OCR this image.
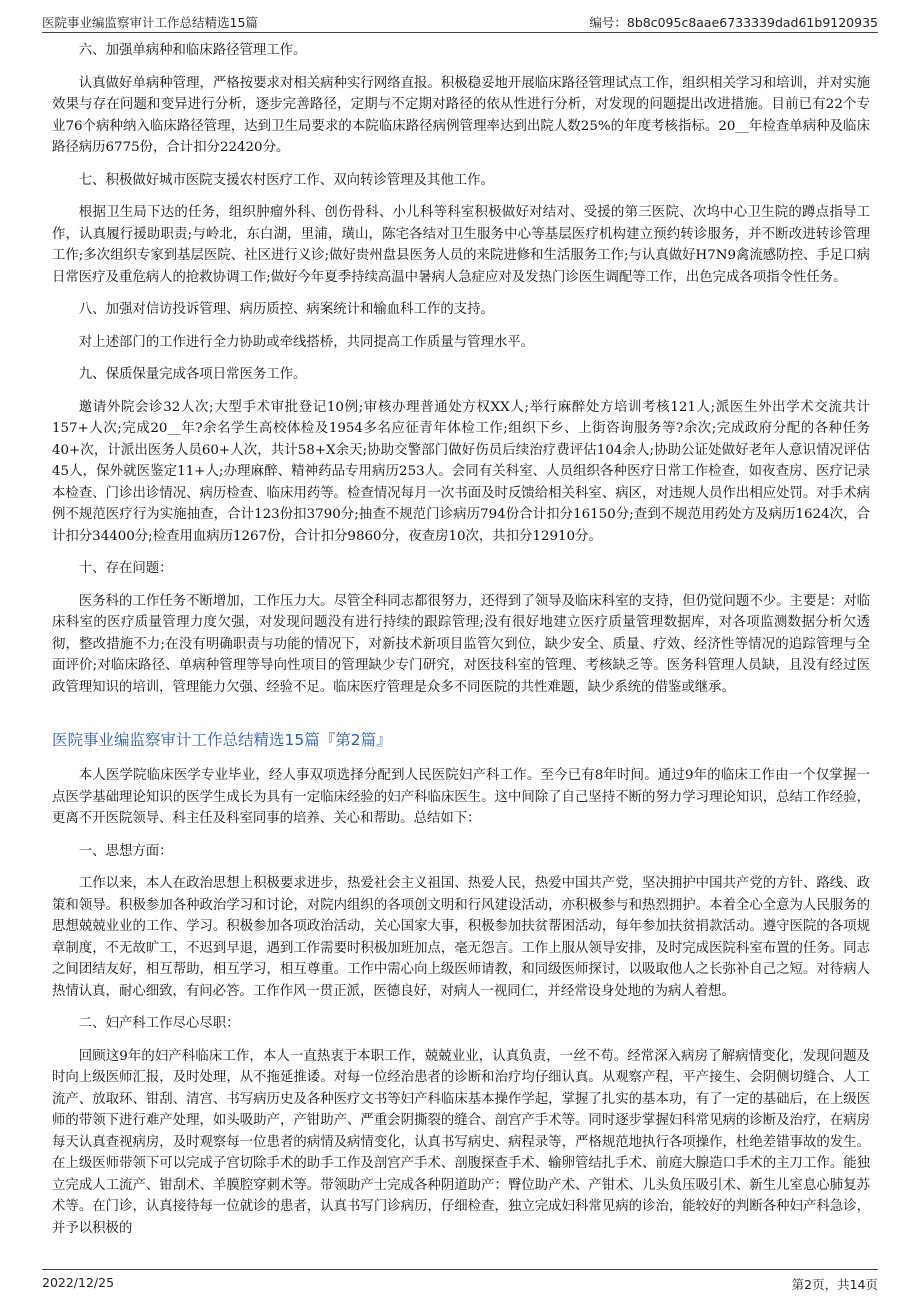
医院事业编监察审计工作总结精选15篇	编号：8b8c095c8aae6733339dad61b9120935

六、加强单病种和临床路径管理工作。

认真做好单病种管理，严格按要求对相关病种实行网络直报。积极稳妥地开展临床路径管理试点工作，组织相关学习和培训，并对实施效果与存在问题和变异进行分析，逐步完善路径，定期与不定期对路径的依从性进行分析，对发现的问题提出改进措施。目前已有22个专业76个病种纳入临床路径管理，达到卫生局要求的本院临床路径病例管理率达到出院人数25%的年度考核指标。20__年检查单病种及临床路径病历6775份，合计扣分22420分。

七、积极做好城市医院支援农村医疗工作、双向转诊管理及其他工作。

根据卫生局下达的任务，组织肿瘤外科、创伤骨科、小儿科等科室积极做好对结对、受援的第三医院、次坞中心卫生院的蹲点指导工作，认真履行援助职责;与岭北，东白湖，里浦，璜山，陈宅各结对卫生服务中心等基层医疗机构建立预约转诊服务，并不断改进转诊管理工作;多次组织专家到基层医院、社区进行义诊;做好贵州盘县医务人员的来院进修和生活服务工作;与认真做好H7N9禽流感防控、手足口病日常医疗及重危病人的抢救协调工作;做好今年夏季持续高温中暑病人急症应对及发热门诊医生调配等工作，出色完成各项指令性任务。

八、加强对信访投诉管理、病历质控、病案统计和输血科工作的支持。

对上述部门的工作进行全力协助或牵线搭桥，共同提高工作质量与管理水平。

九、保质保量完成各项日常医务工作。

邀请外院会诊32人次;大型手术审批登记10例;审核办理普通处方权XX人;举行麻醉处方培训考核121人;派医生外出学术交流共计157+人次;完成20__年?余名学生高校体检及1954多名应征青年体检工作;组织下乡、上街咨询服务等?余次;完成政府分配的各种任务40+次，计派出医务人员60+人次，共计58+X余天;协助交警部门做好伤员后续治疗费评估104余人;协助公证处做好老年人意识情况评估45人，保外就医鉴定11+人;办理麻醉、精神药品专用病历253人。会同有关科室、人员组织各种医疗日常工作检查，如夜查房、医疗记录本检查、门诊出诊情况、病历检查、临床用药等。检查情况每月一次书面及时反馈给相关科室、病区，对违规人员作出相应处罚。对手术病例不规范医疗行为实施抽查，合计123份扣3790分;抽查不规范门诊病历794份合计扣分16150分;查到不规范用药处方及病历1624次，合计扣分34400分;检查用血病历1267份，合计扣分9860分，夜查房10次，共扣分12910分。

十、存在问题：

医务科的工作任务不断增加，工作压力大。尽管全科同志都很努力，还得到了领导及临床科室的支持，但仍觉问题不少。主要是：对临床科室的医疗质量管理力度欠强，对发现问题没有进行持续的跟踪管理;没有很好地建立医疗质量管理数据库，对各项监测数据分析欠透彻，整改措施不力;在没有明确职责与功能的情况下，对新技术新项目监管欠到位，缺少安全、质量、疗效、经济性等情况的追踪管理与全面评价;对临床路径、单病种管理等导向性项目的管理缺少专门研究，对医技科室的管理、考核缺乏等。医务科管理人员缺，且没有经过医政管理知识的培训，管理能力欠强、经验不足。临床医疗管理是众多不同医院的共性难题，缺少系统的借鉴或继承。

医院事业编监察审计工作总结精选15篇『第2篇』

本人医学院临床医学专业毕业，经人事双项选择分配到人民医院妇产科工作。至今已有8年时间。通过9年的临床工作由一个仅掌握一点医学基础理论知识的医学生成长为具有一定临床经验的妇产科临床医生。这中间除了自己坚持不断的努力学习理论知识，总结工作经验，更离不开医院领导、科主任及科室同事的培养、关心和帮助。总结如下：

一、思想方面：

工作以来，本人在政治思想上积极要求进步，热爱社会主义祖国、热爱人民，热爱中国共产党，坚决拥护中国共产党的方针、路线、政策和领导。积极参加各种政治学习和讨论，对院内组织的各项创文明和行风建设活动，亦积极参与和热烈拥护。本着全心全意为人民服务的思想兢兢业业的工作、学习。积极参加各项政治活动，关心国家大事，积极参加扶贫帮困活动，每年参加扶贫捐款活动。遵守医院的各项规章制度，不无故旷工，不迟到早退，遇到工作需要时积极加班加点，毫无怨言。工作上服从领导安排，及时完成医院科室布置的任务。同志之间团结友好，相互帮助，相互学习，相互尊重。工作中需心向上级医师请教，和同级医师探讨，以吸取他人之长弥补自己之短。对待病人热情认真，耐心细致，有问必答。工作作风一贯正派，医德良好，对病人一视同仁，并经常设身处地的为病人着想。

二、妇产科工作尽心尽职：

回顾这9年的妇产科临床工作，本人一直热衷于本职工作，兢兢业业，认真负责，一丝不苟。经常深入病房了解病情变化，发现问题及时向上级医师汇报，及时处理，从不拖延推诿。对每一位经治患者的诊断和治疗均仔细认真。从观察产程，平产接生、会阴侧切缝合、人工流产、放取环、钳刮、清宫、书写病历史及各种医疗文书等妇产科临床基本操作学起，掌握了扎实的基本功，有了一定的基础后，在上级医师的带领下进行难产处理，如头吸助产，产钳助产、严重会阴撕裂的缝合、剖宫产手术等。同时逐步掌握妇科常见病的诊断及治疗，在病房每天认真查视病房，及时观察每一位患者的病情及病情变化，认真书写病史、病程录等，严格规范地执行各项操作，杜绝差错事故的发生。在上级医师带领下可以完成子宫切除手术的助手工作及剖宫产手术、剖腹探查手术、输卵管结扎手术、前庭大腺造口手术的主刀工作。能独立完成人工流产、钳刮术、羊膜腔穿刺术等。带领助产士完成各种阴道助产：臀位助产术、产钳术、儿头负压吸引术、新生儿室息心肺复苏术等。在门诊，认真接待每一位就诊的患者，认真书写门诊病历，仔细检查，独立完成妇科常见病的诊治，能较好的判断各种妇产科急诊，并予以积极的

2022/12/25	第2页，共14页
